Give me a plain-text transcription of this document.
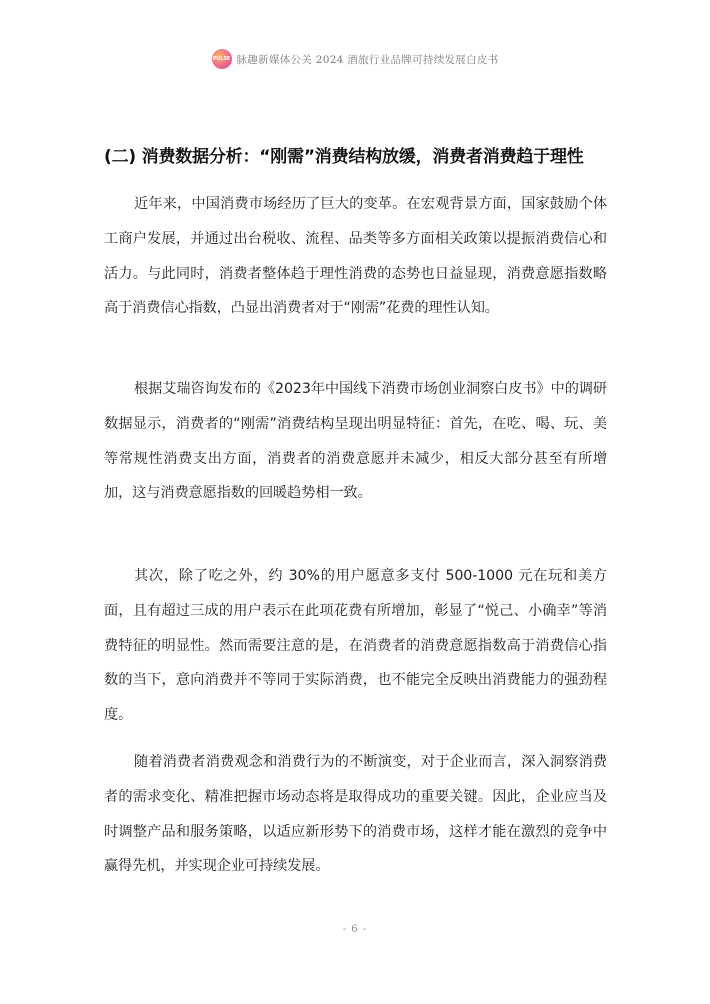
PULSE 脉趣新媒体公关 2024 酒旅行业品牌可持续发展白皮书
(二) 消费数据分析：“刚需”消费结构放缓，消费者消费趋于理性

近年来，中国消费市场经历了巨大的变革。在宏观背景方面，国家鼓励个体工商户发展，并通过出台税收、流程、品类等多方面相关政策以提振消费信心和活力。与此同时，消费者整体趋于理性消费的态势也日益显现，消费意愿指数略高于消费信心指数，凸显出消费者对于“刚需”花费的理性认知。

根据艾瑞咨询发布的《2023年中国线下消费市场创业洞察白皮书》中的调研数据显示，消费者的“刚需”消费结构呈现出明显特征：首先，在吃、喝、玩、美等常规性消费支出方面，消费者的消费意愿并未减少，相反大部分甚至有所增加，这与消费意愿指数的回暖趋势相一致。

其次，除了吃之外，约 30%的用户愿意多支付 500-1000 元在玩和美方面，且有超过三成的用户表示在此项花费有所增加，彰显了“悦己、小确幸”等消费特征的明显性。然而需要注意的是，在消费者的消费意愿指数高于消费信心指数的当下，意向消费并不等同于实际消费，也不能完全反映出消费能力的强劲程度。

随着消费者消费观念和消费行为的不断演变，对于企业而言，深入洞察消费者的需求变化、精准把握市场动态将是取得成功的重要关键。因此，企业应当及时调整产品和服务策略，以适应新形势下的消费市场，这样才能在激烈的竞争中赢得先机，并实现企业可持续发展。

- 6 -
